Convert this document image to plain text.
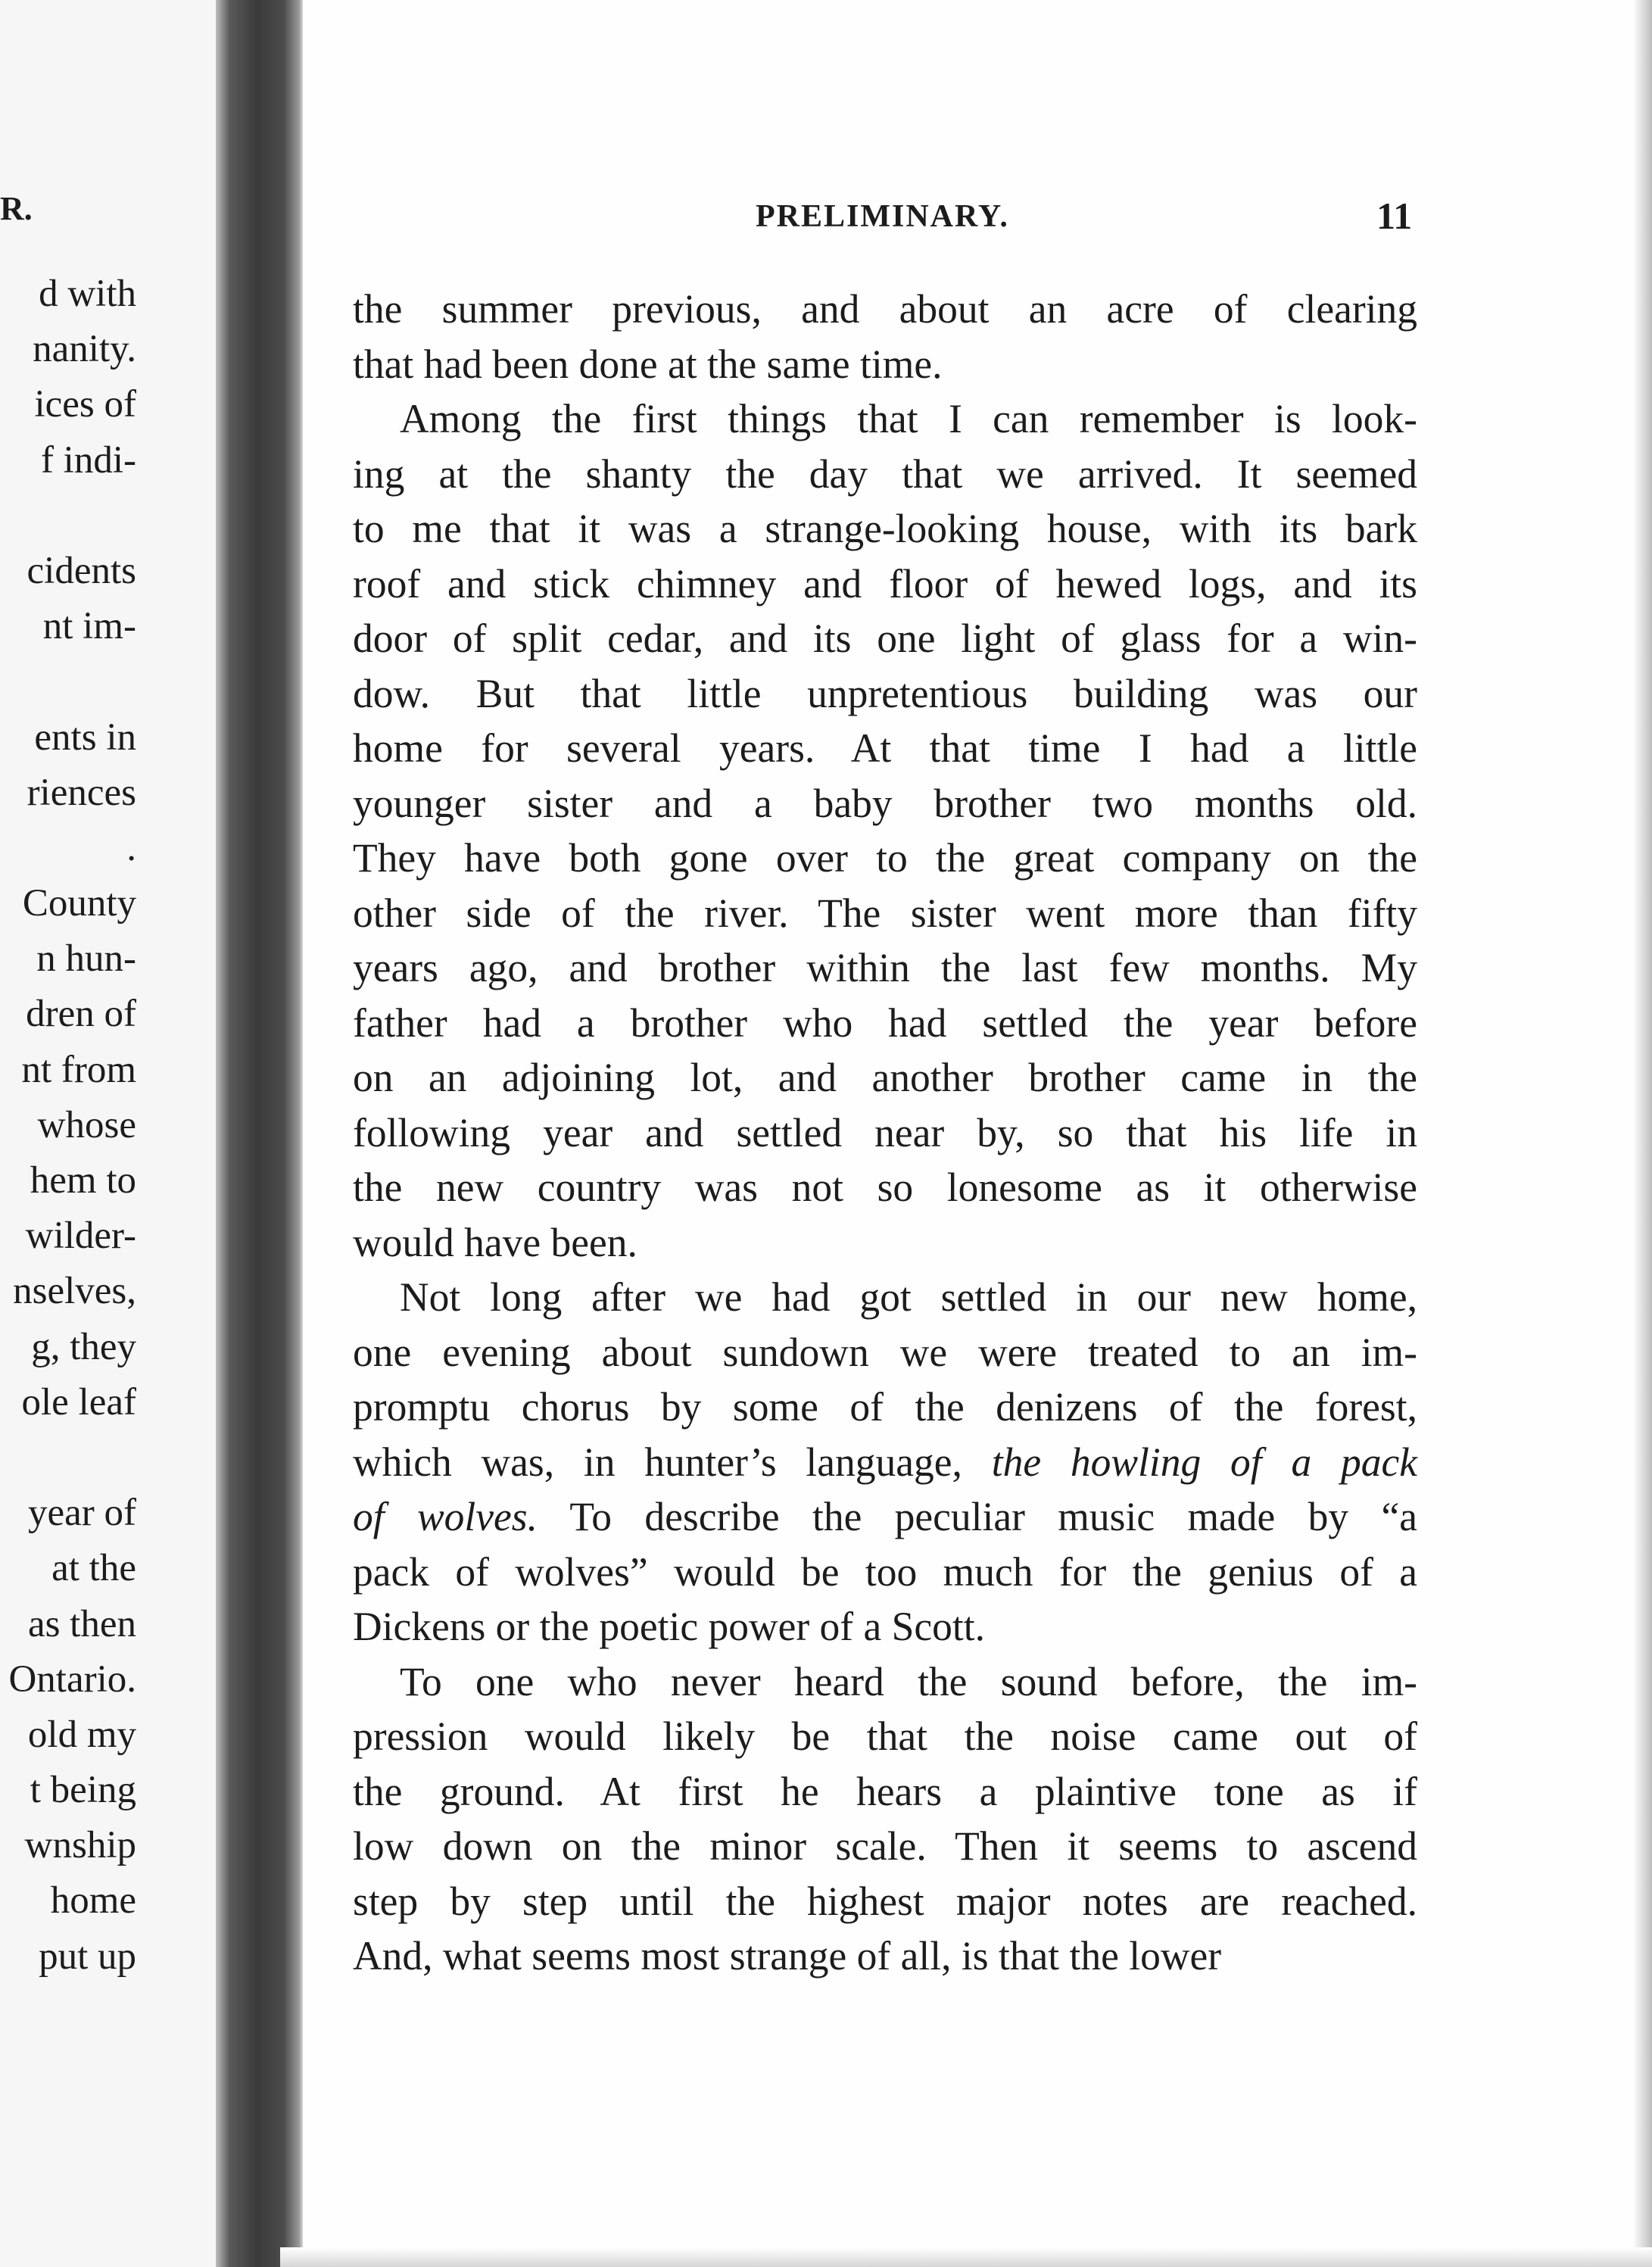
R.
d with
nanity.
ices of
f indi-
cidents
nt im-
ents in
riences
.
County
n hun-
dren of
nt from
whose
hem to
wilder-
nselves,
g, they
ole leaf
year of
at the
as then
Ontario.
old my
t being
wnship
home
put up
PRELIMINARY.	11
the summer previous, and about an acre of clearing
that had been done at the same time.
Among the first things that I can remember is look-
ing at the shanty the day that we arrived. It seemed
to me that it was a strange-looking house, with its bark
roof and stick chimney and floor of hewed logs, and its
door of split cedar, and its one light of glass for a win-
dow. But that little unpretentious building was our
home for several years. At that time I had a little
younger sister and a baby brother two months old.
They have both gone over to the great company on the
other side of the river. The sister went more than fifty
years ago, and brother within the last few months. My
father had a brother who had settled the year before
on an adjoining lot, and another brother came in the
following year and settled near by, so that his life in
the new country was not so lonesome as it otherwise
would have been.
Not long after we had got settled in our new home,
one evening about sundown we were treated to an im-
promptu chorus by some of the denizens of the forest,
which was, in hunter’s language, the howling of a pack
of wolves. To describe the peculiar music made by “a
pack of wolves” would be too much for the genius of a
Dickens or the poetic power of a Scott.
To one who never heard the sound before, the im-
pression would likely be that the noise came out of
the ground. At first he hears a plaintive tone as if
low down on the minor scale. Then it seems to ascend
step by step until the highest major notes are reached.
And, what seems most strange of all, is that the lower
